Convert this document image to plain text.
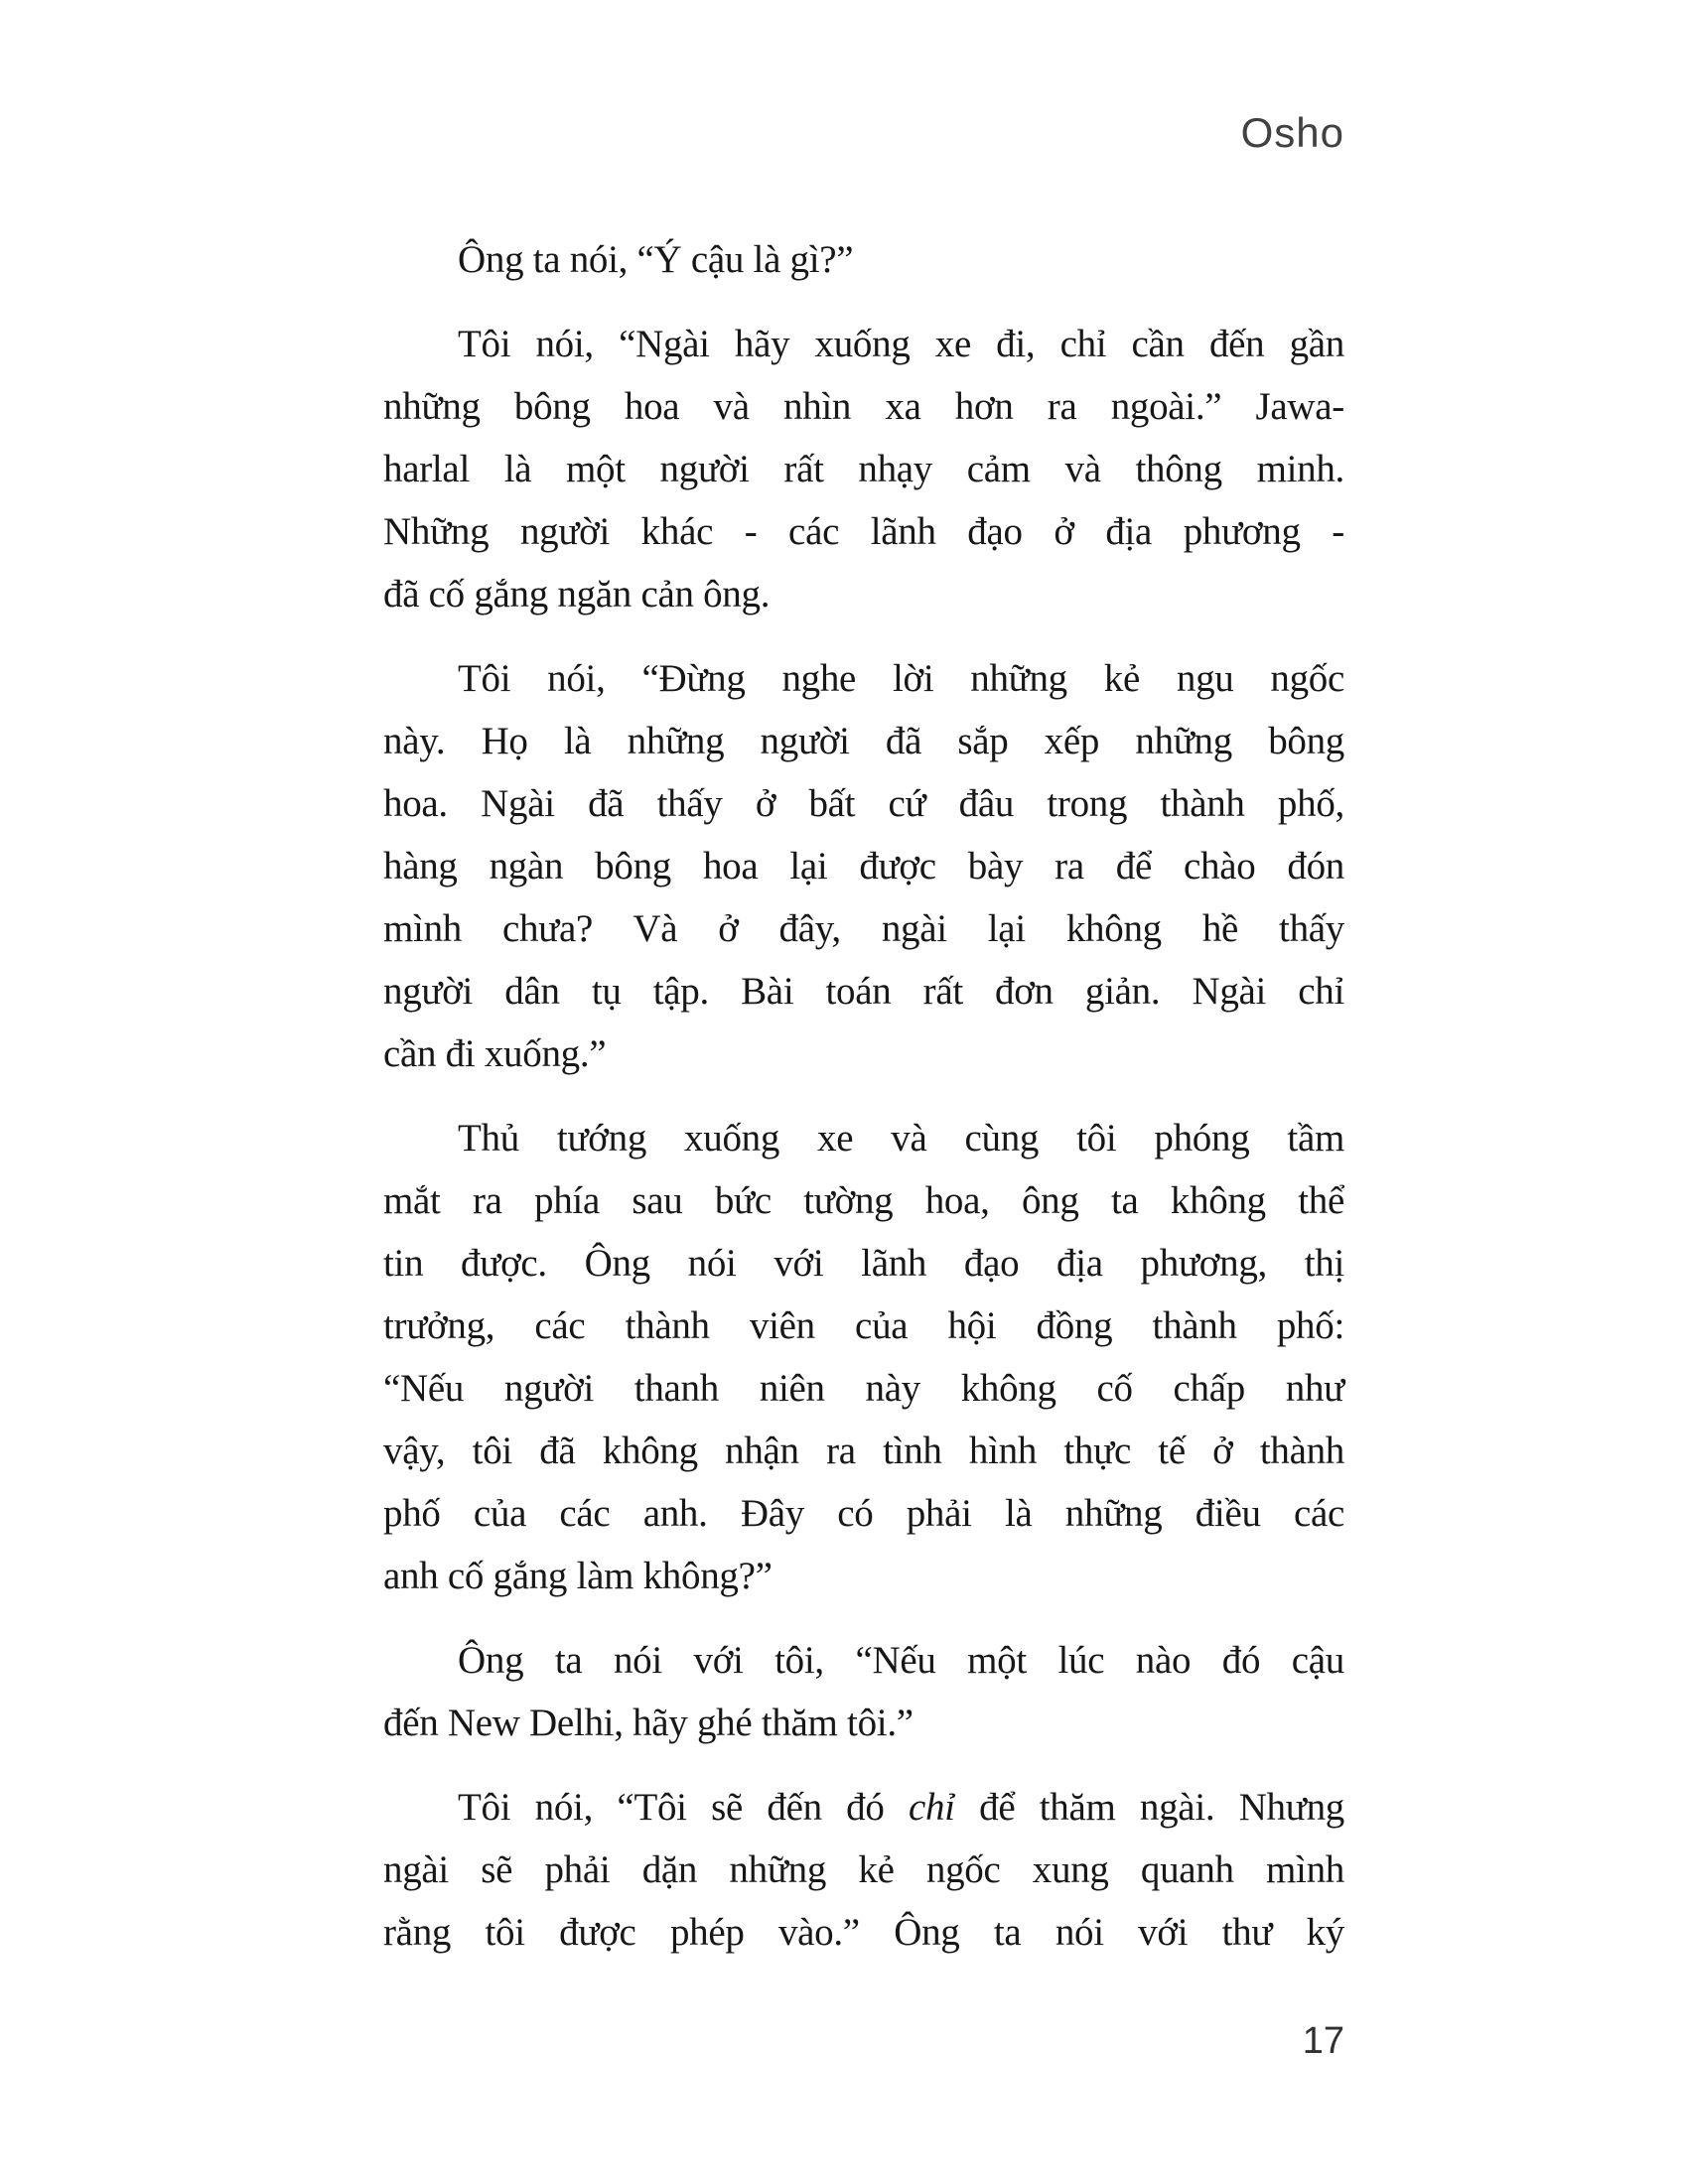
Osho
Ông ta nói, “Ý cậu là gì?”
Tôi nói, “Ngài hãy xuống xe đi, chỉ cần đến gần
những bông hoa và nhìn xa hơn ra ngoài.” Jawa-
harlal là một người rất nhạy cảm và thông minh.
Những người khác - các lãnh đạo ở địa phương -
đã cố gắng ngăn cản ông.
Tôi nói, “Đừng nghe lời những kẻ ngu ngốc
này. Họ là những người đã sắp xếp những bông
hoa. Ngài đã thấy ở bất cứ đâu trong thành phố,
hàng ngàn bông hoa lại được bày ra để chào đón
mình chưa? Và ở đây, ngài lại không hề thấy
người dân tụ tập. Bài toán rất đơn giản. Ngài chỉ
cần đi xuống.”
Thủ tướng xuống xe và cùng tôi phóng tầm
mắt ra phía sau bức tường hoa, ông ta không thể
tin được. Ông nói với lãnh đạo địa phương, thị
trưởng, các thành viên của hội đồng thành phố:
“Nếu người thanh niên này không cố chấp như
vậy, tôi đã không nhận ra tình hình thực tế ở thành
phố của các anh. Đây có phải là những điều các
anh cố gắng làm không?”
Ông ta nói với tôi, “Nếu một lúc nào đó cậu
đến New Delhi, hãy ghé thăm tôi.”
Tôi nói, “Tôi sẽ đến đó chỉ để thăm ngài. Nhưng
ngài sẽ phải dặn những kẻ ngốc xung quanh mình
rằng tôi được phép vào.” Ông ta nói với thư ký
17
